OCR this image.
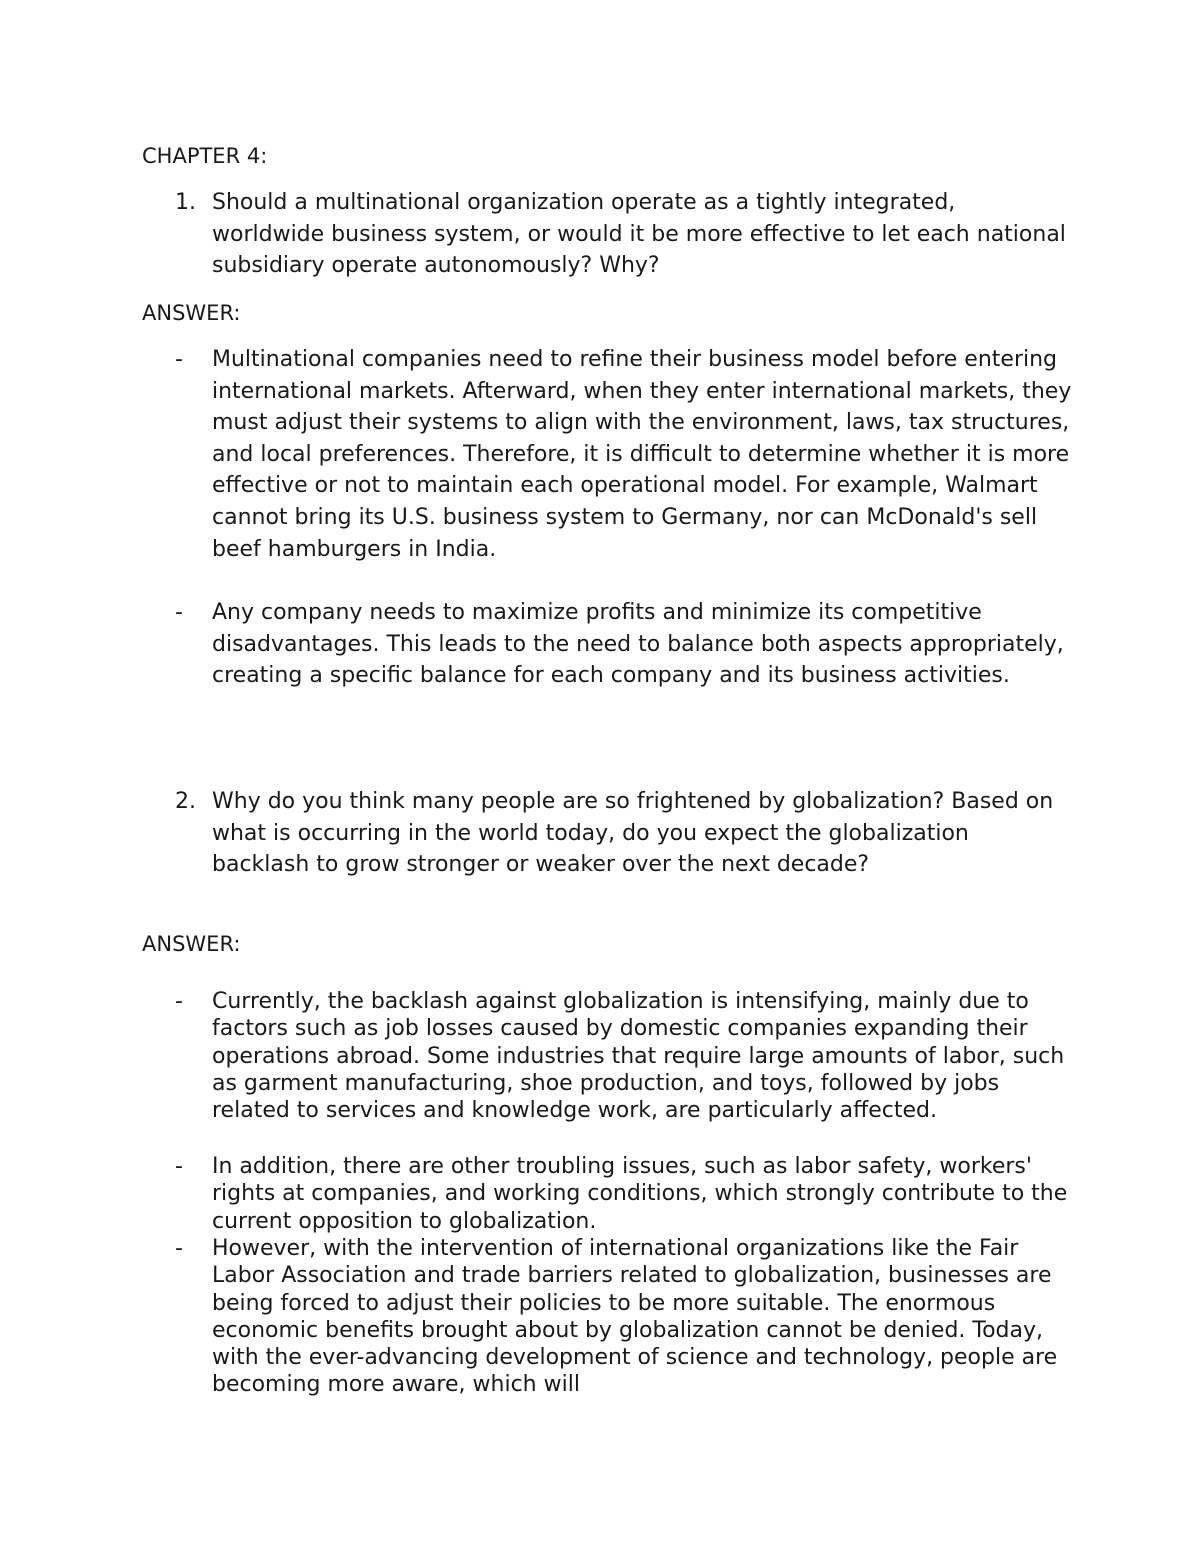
CHAPTER 4:
1. Should a multinational organization operate as a tightly integrated, worldwide business system, or would it be more effective to let each national subsidiary operate autonomously? Why?
ANSWER:
-	Multinational companies need to refine their business model before entering international markets. Afterward, when they enter international markets, they must adjust their systems to align with the environment, laws, tax structures, and local preferences. Therefore, it is difficult to determine whether it is more effective or not to maintain each operational model. For example, Walmart cannot bring its U.S. business system to Germany, nor can McDonald's sell beef hamburgers in India.
-	Any company needs to maximize profits and minimize its competitive disadvantages. This leads to the need to balance both aspects appropriately, creating a specific balance for each company and its business activities.
2. Why do you think many people are so frightened by globalization? Based on what is occurring in the world today, do you expect the globalization backlash to grow stronger or weaker over the next decade?
ANSWER:
-	Currently, the backlash against globalization is intensifying, mainly due to factors such as job losses caused by domestic companies expanding their operations abroad. Some industries that require large amounts of labor, such as garment manufacturing, shoe production, and toys, followed by jobs related to services and knowledge work, are particularly affected.
-	In addition, there are other troubling issues, such as labor safety, workers' rights at companies, and working conditions, which strongly contribute to the current opposition to globalization.
-	However, with the intervention of international organizations like the Fair Labor Association and trade barriers related to globalization, businesses are being forced to adjust their policies to be more suitable. The enormous economic benefits brought about by globalization cannot be denied. Today, with the ever-advancing development of science and technology, people are becoming more aware, which will
